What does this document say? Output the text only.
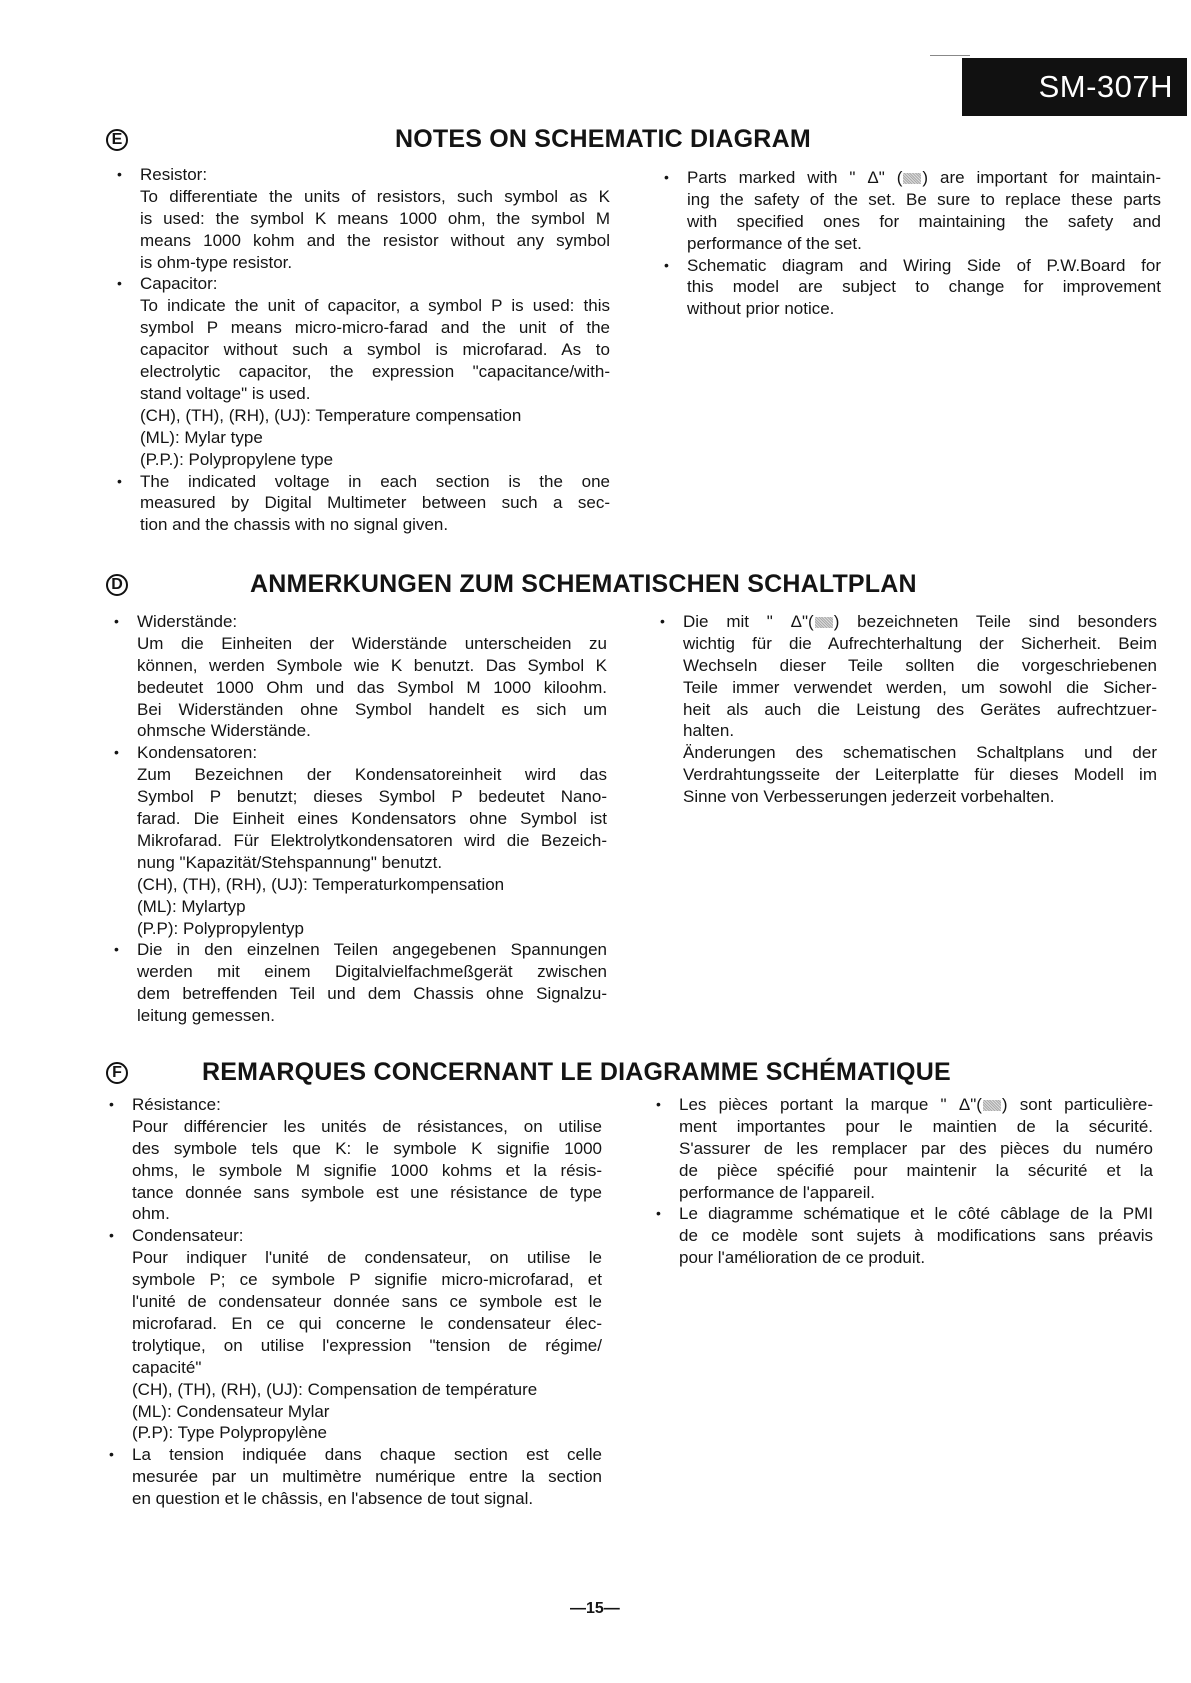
SM-307H
E	NOTES ON SCHEMATIC DIAGRAM
• Resistor:
To differentiate the units of resistors, such symbol as K
is used: the symbol K means 1000 ohm, the symbol M
means 1000 kohm and the resistor without any symbol
is ohm-type resistor.
• Capacitor:
To indicate the unit of capacitor, a symbol P is used: this
symbol P means micro-micro-farad and the unit of the
capacitor without such a symbol is microfarad. As to
electrolytic capacitor, the expression "capacitance/with-
stand voltage" is used.
(CH), (TH), (RH), (UJ): Temperature compensation
(ML): Mylar type
(P.P.): Polypropylene type
• The indicated voltage in each section is the one
measured by Digital Multimeter between such a sec-
tion and the chassis with no signal given.
• Parts marked with " Δ" ( ) are important for maintain-
ing the safety of the set. Be sure to replace these parts
with specified ones for maintaining the safety and
performance of the set.
• Schematic diagram and Wiring Side of P.W.Board for
this model are subject to change for improvement
without prior notice.
D	ANMERKUNGEN ZUM SCHEMATISCHEN SCHALTPLAN
• Widerstände:
Um die Einheiten der Widerstände unterscheiden zu
können, werden Symbole wie K benutzt. Das Symbol K
bedeutet 1000 Ohm und das Symbol M 1000 kiloohm.
Bei Widerständen ohne Symbol handelt es sich um
ohmsche Widerstände.
• Kondensatoren:
Zum Bezeichnen der Kondensatoreinheit wird das
Symbol P benutzt; dieses Symbol P bedeutet Nano-
farad. Die Einheit eines Kondensators ohne Symbol ist
Mikrofarad. Für Elektrolytkondensatoren wird die Bezeich-
nung "Kapazität/Stehspannung" benutzt.
(CH), (TH), (RH), (UJ): Temperaturkompensation
(ML): Mylartyp
(P.P): Polypropylentyp
• Die in den einzelnen Teilen angegebenen Spannungen
werden mit einem Digitalvielfachmeßgerät zwischen
dem betreffenden Teil und dem Chassis ohne Signalzu-
leitung gemessen.
• Die mit " Δ"( ) bezeichneten Teile sind besonders
wichtig für die Aufrechterhaltung der Sicherheit. Beim
Wechseln dieser Teile sollten die vorgeschriebenen
Teile immer verwendet werden, um sowohl die Sicher-
heit als auch die Leistung des Gerätes aufrechtzuer-
halten.
Änderungen des schematischen Schaltplans und der
Verdrahtungsseite der Leiterplatte für dieses Modell im
Sinne von Verbesserungen jederzeit vorbehalten.
F	REMARQUES CONCERNANT LE DIAGRAMME SCHÉMATIQUE
• Résistance:
Pour différencier les unités de résistances, on utilise
des symbole tels que K: le symbole K signifie 1000
ohms, le symbole M signifie 1000 kohms et la résis-
tance donnée sans symbole est une résistance de type
ohm.
• Condensateur:
Pour indiquer l'unité de condensateur, on utilise le
symbole P; ce symbole P signifie micro-microfarad, et
l'unité de condensateur donnée sans ce symbole est le
microfarad. En ce qui concerne le condensateur élec-
trolytique, on utilise l'expression "tension de régime/
capacité"
(CH), (TH), (RH), (UJ): Compensation de température
(ML): Condensateur Mylar
(P.P): Type Polypropylène
• La tension indiquée dans chaque section est celle
mesurée par un multimètre numérique entre la section
en question et le châssis, en l'absence de tout signal.
• Les pièces portant la marque " Δ"( ) sont particulière-
ment importantes pour le maintien de la sécurité.
S'assurer de les remplacer par des pièces du numéro
de pièce spécifié pour maintenir la sécurité et la
performance de l'appareil.
• Le diagramme schématique et le côté câblage de la PMI
de ce modèle sont sujets à modifications sans préavis
pour l'amélioration de ce produit.
—15—
